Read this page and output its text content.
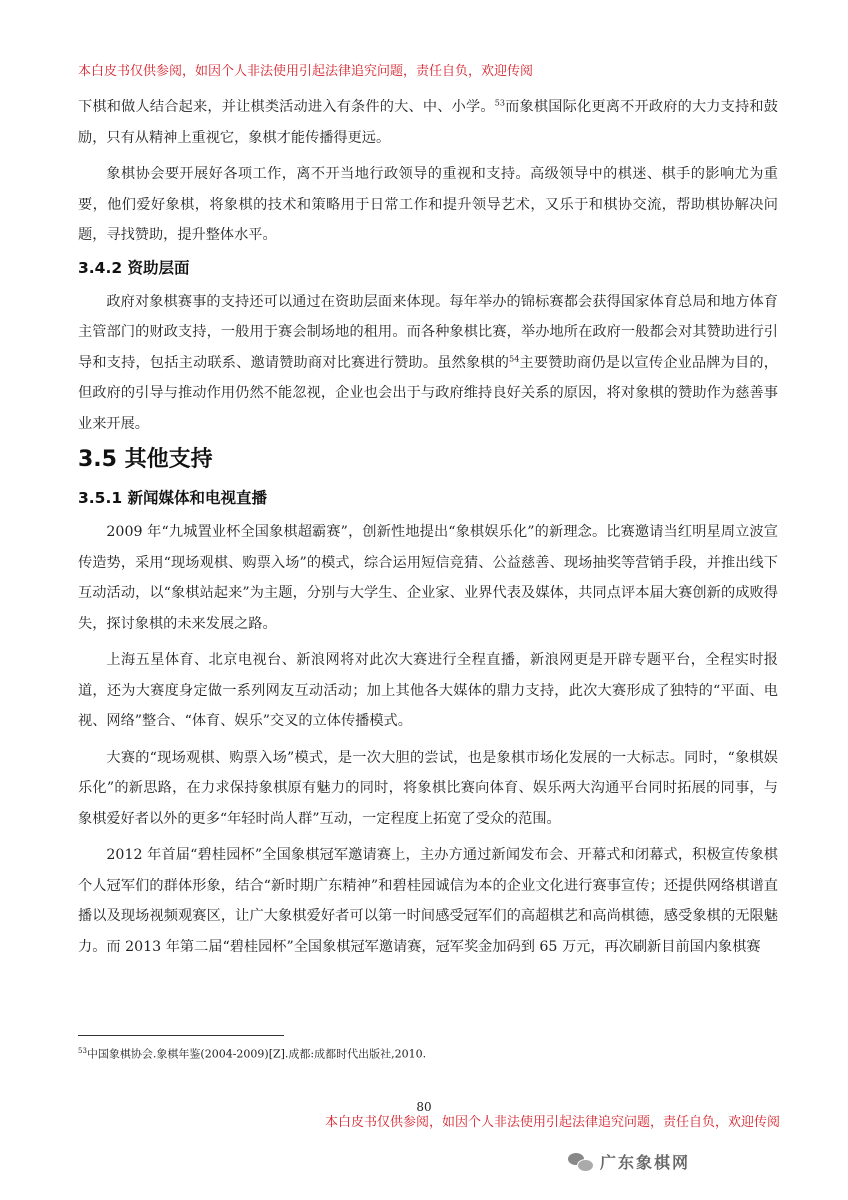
本白皮书仅供参阅，如因个人非法使用引起法律追究问题，责任自负，欢迎传阅

下棋和做人结合起来，并让棋类活动进入有条件的大、中、小学。$^{53}$而象棋国际化更离不开政府的大力支持和鼓励，只有从精神上重视它，象棋才能传播得更远。

象棋协会要开展好各项工作，离不开当地行政领导的重视和支持。高级领导中的棋迷、棋手的影响尤为重要，他们爱好象棋，将象棋的技术和策略用于日常工作和提升领导艺术，又乐于和棋协交流，帮助棋协解决问题，寻找赞助，提升整体水平。

3.4.2 资助层面

政府对象棋赛事的支持还可以通过在资助层面来体现。每年举办的锦标赛都会获得国家体育总局和地方体育主管部门的财政支持，一般用于赛会制场地的租用。而各种象棋比赛，举办地所在政府一般都会对其赞助进行引导和支持，包括主动联系、邀请赞助商对比赛进行赞助。虽然象棋的$^{54}$主要赞助商仍是以宣传企业品牌为目的，但政府的引导与推动作用仍然不能忽视，企业也会出于与政府维持良好关系的原因，将对象棋的赞助作为慈善事业来开展。

3.5 其他支持
3.5.1 新闻媒体和电视直播

2009 年“九城置业杯全国象棋超霸赛”，创新性地提出“象棋娱乐化”的新理念。比赛邀请当红明星周立波宣传造势，采用“现场观棋、购票入场”的模式，综合运用短信竞猜、公益慈善、现场抽奖等营销手段，并推出线下互动活动，以“象棋站起来”为主题，分别与大学生、企业家、业界代表及媒体，共同点评本届大赛创新的成败得失，探讨象棋的未来发展之路。

上海五星体育、北京电视台、新浪网将对此次大赛进行全程直播，新浪网更是开辟专题平台，全程实时报道，还为大赛度身定做一系列网友互动活动；加上其他各大媒体的鼎力支持，此次大赛形成了独特的“平面、电视、网络”整合、“体育、娱乐”交叉的立体传播模式。

大赛的“现场观棋、购票入场”模式，是一次大胆的尝试，也是象棋市场化发展的一大标志。同时，“象棋娱乐化”的新思路，在力求保持象棋原有魅力的同时，将象棋比赛向体育、娱乐两大沟通平台同时拓展的同事，与象棋爱好者以外的更多“年轻时尚人群”互动，一定程度上拓宽了受众的范围。

2012 年首届“碧桂园杯”全国象棋冠军邀请赛上，主办方通过新闻发布会、开幕式和闭幕式，积极宣传象棋个人冠军们的群体形象，结合“新时期广东精神”和碧桂园诚信为本的企业文化进行赛事宣传；还提供网络棋谱直播以及现场视频观赛区，让广大象棋爱好者可以第一时间感受冠军们的高超棋艺和高尚棋德，感受象棋的无限魅力。而 2013 年第二届“碧桂园杯”全国象棋冠军邀请赛，冠军奖金加码到 65 万元，再次刷新目前国内象棋赛

$^{53}$中国象棋协会.象棋年鉴(2004-2009)[Z].成都:成都时代出版社,2010.
80
本白皮书仅供参阅，如因个人非法使用引起法律追究问题，责任自负，欢迎传阅
广东象棋网
